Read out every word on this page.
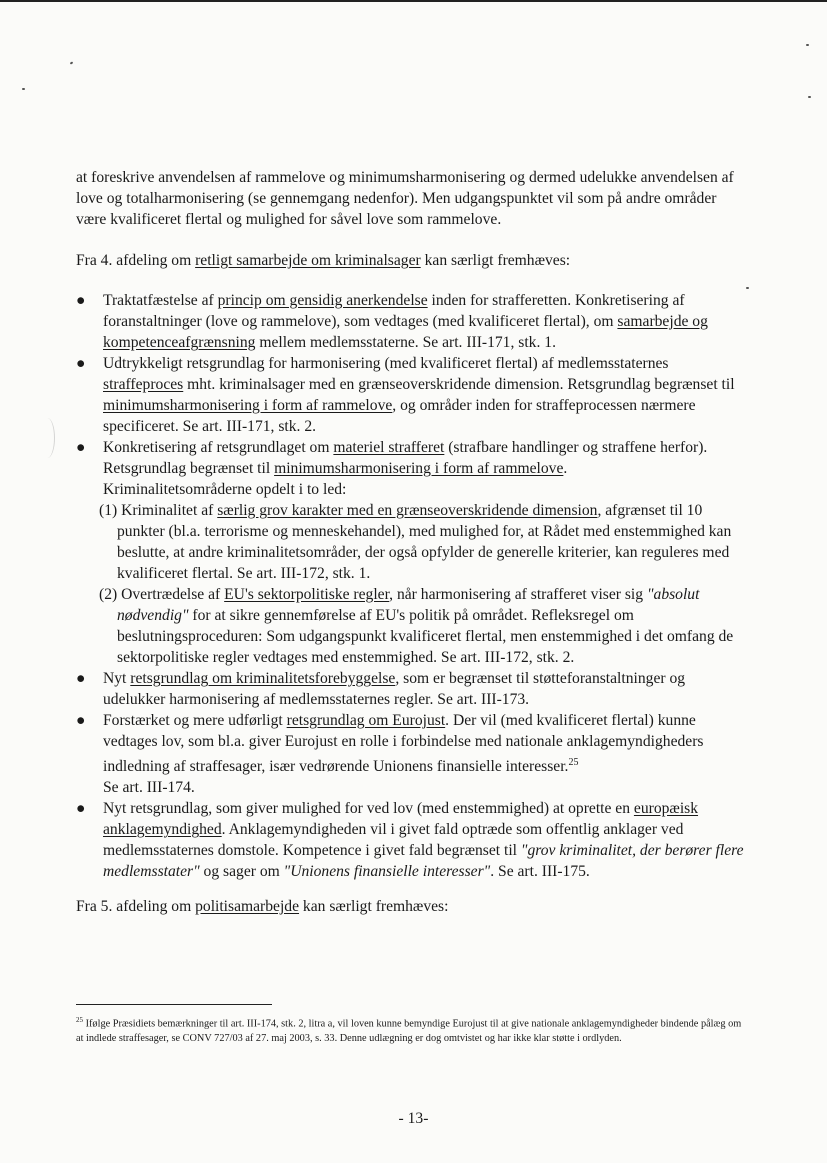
at foreskrive anvendelsen af rammelove og minimumsharmonisering og dermed udelukke anvendelsen af love og totalharmonisering (se gennemgang nedenfor). Men udgangspunktet vil som på andre områder være kvalificeret flertal og mulighed for såvel love som rammelove.

Fra 4. afdeling om retligt samarbejde om kriminalsager kan særligt fremhæves:

● Traktatfæstelse af princip om gensidig anerkendelse inden for strafferetten. Konkretisering af foranstaltninger (love og rammelove), som vedtages (med kvalificeret flertal), om samarbejde og kompetenceafgrænsning mellem medlemsstaterne. Se art. III-171, stk. 1.
● Udtrykkeligt retsgrundlag for harmonisering (med kvalificeret flertal) af medlemsstaternes straffeproces mht. kriminalsager med en grænseoverskridende dimension. Retsgrundlag begrænset til minimumsharmonisering i form af rammelove, og områder inden for straffeprocessen nærmere specificeret. Se art. III-171, stk. 2.
● Konkretisering af retsgrundlaget om materiel strafferet (strafbare handlinger og straffene herfor). Retsgrundlag begrænset til minimumsharmonisering i form af rammelove.
Kriminalitetsområderne opdelt i to led:
(1) Kriminalitet af særlig grov karakter med en grænseoverskridende dimension, afgrænset til 10 punkter (bl.a. terrorisme og menneskehandel), med mulighed for, at Rådet med enstemmighed kan beslutte, at andre kriminalitetsområder, der også opfylder de generelle kriterier, kan reguleres med kvalificeret flertal. Se art. III-172, stk. 1.
(2) Overtrædelse af EU's sektorpolitiske regler, når harmonisering af strafferet viser sig "absolut nødvendig" for at sikre gennemførelse af EU's politik på området. Refleksregel om beslutningsproceduren: Som udgangspunkt kvalificeret flertal, men enstemmighed i det omfang de sektorpolitiske regler vedtages med enstemmighed. Se art. III-172, stk. 2.
● Nyt retsgrundlag om kriminalitetsforebyggelse, som er begrænset til støtteforanstaltninger og udelukker harmonisering af medlemsstaternes regler. Se art. III-173.
● Forstærket og mere udførligt retsgrundlag om Eurojust. Der vil (med kvalificeret flertal) kunne vedtages lov, som bl.a. giver Eurojust en rolle i forbindelse med nationale anklagemyndigheders indledning af straffesager, især vedrørende Unionens finansielle interesser.$^{25}$
Se art. III-174.
● Nyt retsgrundlag, som giver mulighed for ved lov (med enstemmighed) at oprette en europæisk anklagemyndighed. Anklagemyndigheden vil i givet fald optræde som offentlig anklager ved medlemsstaternes domstole. Kompetence i givet fald begrænset til "grov kriminalitet, der berører flere medlemsstater" og sager om "Unionens finansielle interesser". Se art. III-175.

Fra 5. afdeling om politisamarbejde kan særligt fremhæves:

$^{25}$ Ifølge Præsidiets bemærkninger til art. III-174, stk. 2, litra a, vil loven kunne bemyndige Eurojust til at give nationale anklagemyndigheder bindende pålæg om at indlede straffesager, se CONV 727/03 af 27. maj 2003, s. 33. Denne udlægning er dog omtvistet og har ikke klar støtte i ordlyden.

- 13-
